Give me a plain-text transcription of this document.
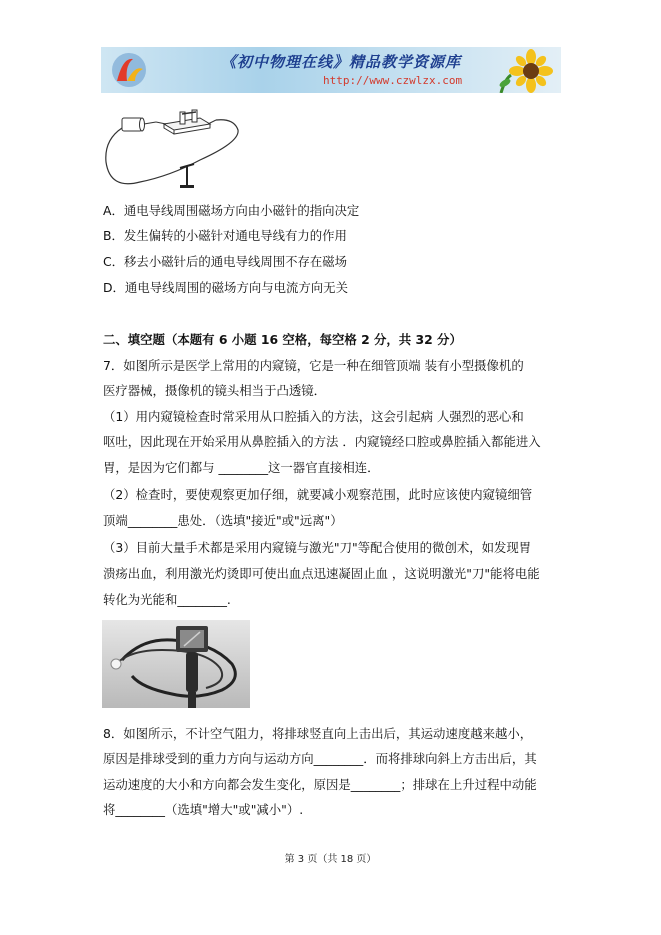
《初中物理在线》精品教学资源库
http://www.czwlzx.com
A．通电导线周围磁场方向由小磁针的指向决定
B．发生偏转的小磁针对通电导线有力的作用
C．移去小磁针后的通电导线周围不存在磁场
D．通电导线周围的磁场方向与电流方向无关
二、填空题（本题有 6 小题 16 空格，每空格 2 分，共 32 分）
7．如图所示是医学上常用的内窥镜，它是一种在细管顶端 装有小型摄像机的
医疗器械，摄像机的镜头相当于凸透镜．
（1）用内窥镜检查时常采用从口腔插入的方法，这会引起病 人强烈的恶心和
呕吐，因此现在开始采用从鼻腔插入的方法 ．内窥镜经口腔或鼻腔插入都能进入
胃，是因为它们都与 ________这一器官直接相连．
（2）检查时，要使观察更加仔细，就要减小观察范围，此时应该使内窥镜细管
顶端________患处．（选填"接近"或"远离"）
（3）目前大量手术都是采用内窥镜与激光"刀"等配合使用的微创术，如发现胃
溃疡出血，利用激光灼烫即可使出血点迅速凝固止血 ，这说明激光"刀"能将电能
转化为光能和________.
8．如图所示，不计空气阻力，将排球竖直向上击出后，其运动速度越来越小，
原因是排球受到的重力方向与运动方向________．而将排球向斜上方击出后，其
运动速度的大小和方向都会发生变化，原因是________；排球在上升过程中动能
将________（选填"增大"或"减小"）.
第 3 页（共 18 页）
